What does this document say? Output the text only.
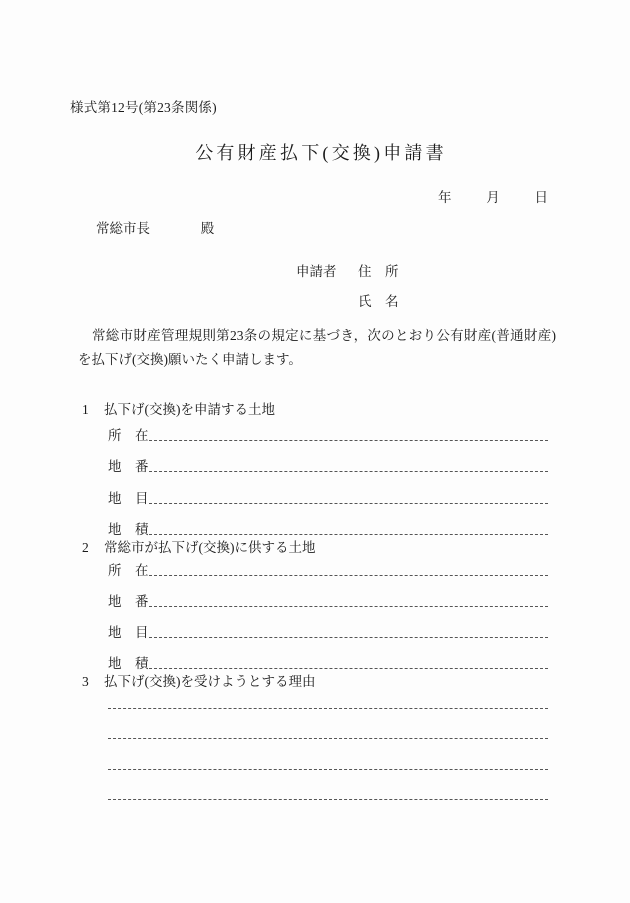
様式第12号(第23条関係)
公有財産払下(交換)申請書
年	月	日
常総市長	殿
申請者 住　所
氏　名
常総市財産管理規則第23条の規定に基づき，次のとおり公有財産(普通財産)を払下げ(交換)願いたく申請します。
1 払下げ(交換)を申請する土地
所　在
地　番
地　目
地　積
2 常総市が払下げ(交換)に供する土地
所　在
地　番
地　目
地　積
3 払下げ(交換)を受けようとする理由
